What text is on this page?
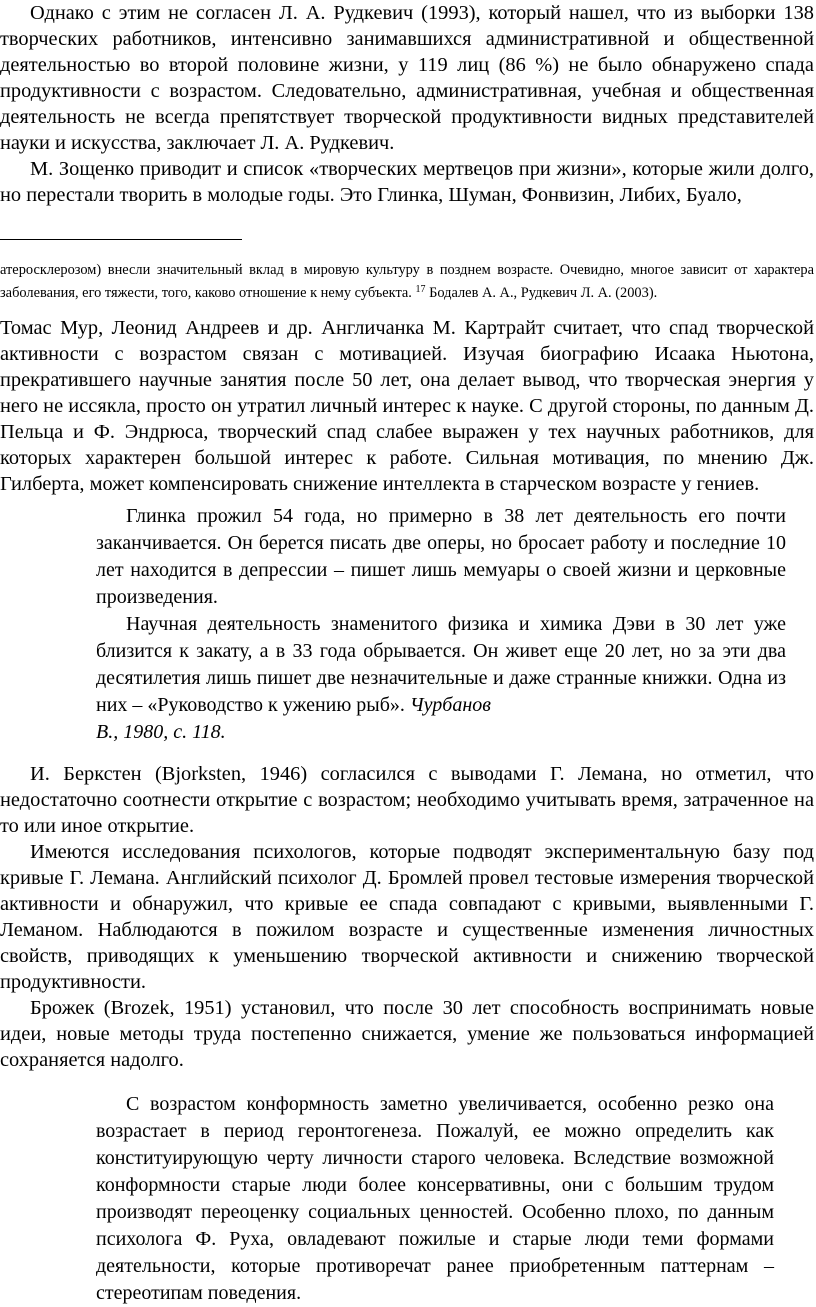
Однако с этим не согласен Л. А. Рудкевич (1993), который нашел, что из выборки 138 творческих работников, интенсивно занимавшихся административной и общественной деятельностью во второй половине жизни, у 119 лиц (86 %) не было обнаружено спада продуктивности с возрастом. Следовательно, административная, учебная и общественная деятельность не всегда препятствует творческой продуктивности видных представителей науки и искусства, заключает Л. А. Рудкевич.

М. Зощенко приводит и список «творческих мертвецов при жизни», которые жили долго, но перестали творить в молодые годы. Это Глинка, Шуман, Фонвизин, Либих, Буало,

атеросклерозом) внесли значительный вклад в мировую культуру в позднем возрасте. Очевидно, многое зависит от характера заболевания, его тяжести, того, каково отношение к нему субъекта. $^{17}$ Бодалев А. А., Рудкевич Л. А. (2003).

Томас Мур, Леонид Андреев и др. Англичанка М. Картрайт считает, что спад творческой активности с возрастом связан с мотивацией. Изучая биографию Исаака Ньютона, прекратившего научные занятия после 50 лет, она делает вывод, что творческая энергия у него не иссякла, просто он утратил личный интерес к науке. С другой стороны, по данным Д. Пельца и Ф. Эндрюса, творческий спад слабее выражен у тех научных работников, для которых характерен большой интерес к работе. Сильная мотивация, по мнению Дж. Гилберта, может компенсировать снижение интеллекта в старческом возрасте у гениев.

Глинка прожил 54 года, но примерно в 38 лет деятельность его почти заканчивается. Он берется писать две оперы, но бросает работу и последние 10 лет находится в депрессии – пишет лишь мемуары о своей жизни и церковные произведения.

Научная деятельность знаменитого физика и химика Дэви в 30 лет уже близится к закату, а в 33 года обрывается. Он живет еще 20 лет, но за эти два десятилетия лишь пишет две незначительные и даже странные книжки. Одна из них – «Руководство к ужению рыб». Чурбанов
В., 1980, с. 118.

И. Беркстен (Bjorksten, 1946) согласился с выводами Г. Лемана, но отметил, что недостаточно соотнести открытие с возрастом; необходимо учитывать время, затраченное на то или иное открытие.

Имеются исследования психологов, которые подводят экспериментальную базу под кривые Г. Лемана. Английский психолог Д. Бромлей провел тестовые измерения творческой активности и обнаружил, что кривые ее спада совпадают с кривыми, выявленными Г. Леманом. Наблюдаются в пожилом возрасте и существенные изменения личностных свойств, приводящих к уменьшению творческой активности и снижению творческой продуктивности.

Брожек (Brozek, 1951) установил, что после 30 лет способность воспринимать новые идеи, новые методы труда постепенно снижается, умение же пользоваться информацией сохраняется надолго.

С возрастом конформность заметно увеличивается, особенно резко она возрастает в период геронтогенеза. Пожалуй, ее можно определить как конституирующую черту личности старого человека. Вследствие возможной конформности старые люди более консервативны, они с большим трудом производят переоценку социальных ценностей. Особенно плохо, по данным психолога Ф. Руха, овладевают пожилые и старые люди теми формами деятельности, которые противоречат ранее приобретенным паттернам – стереотипам поведения.
